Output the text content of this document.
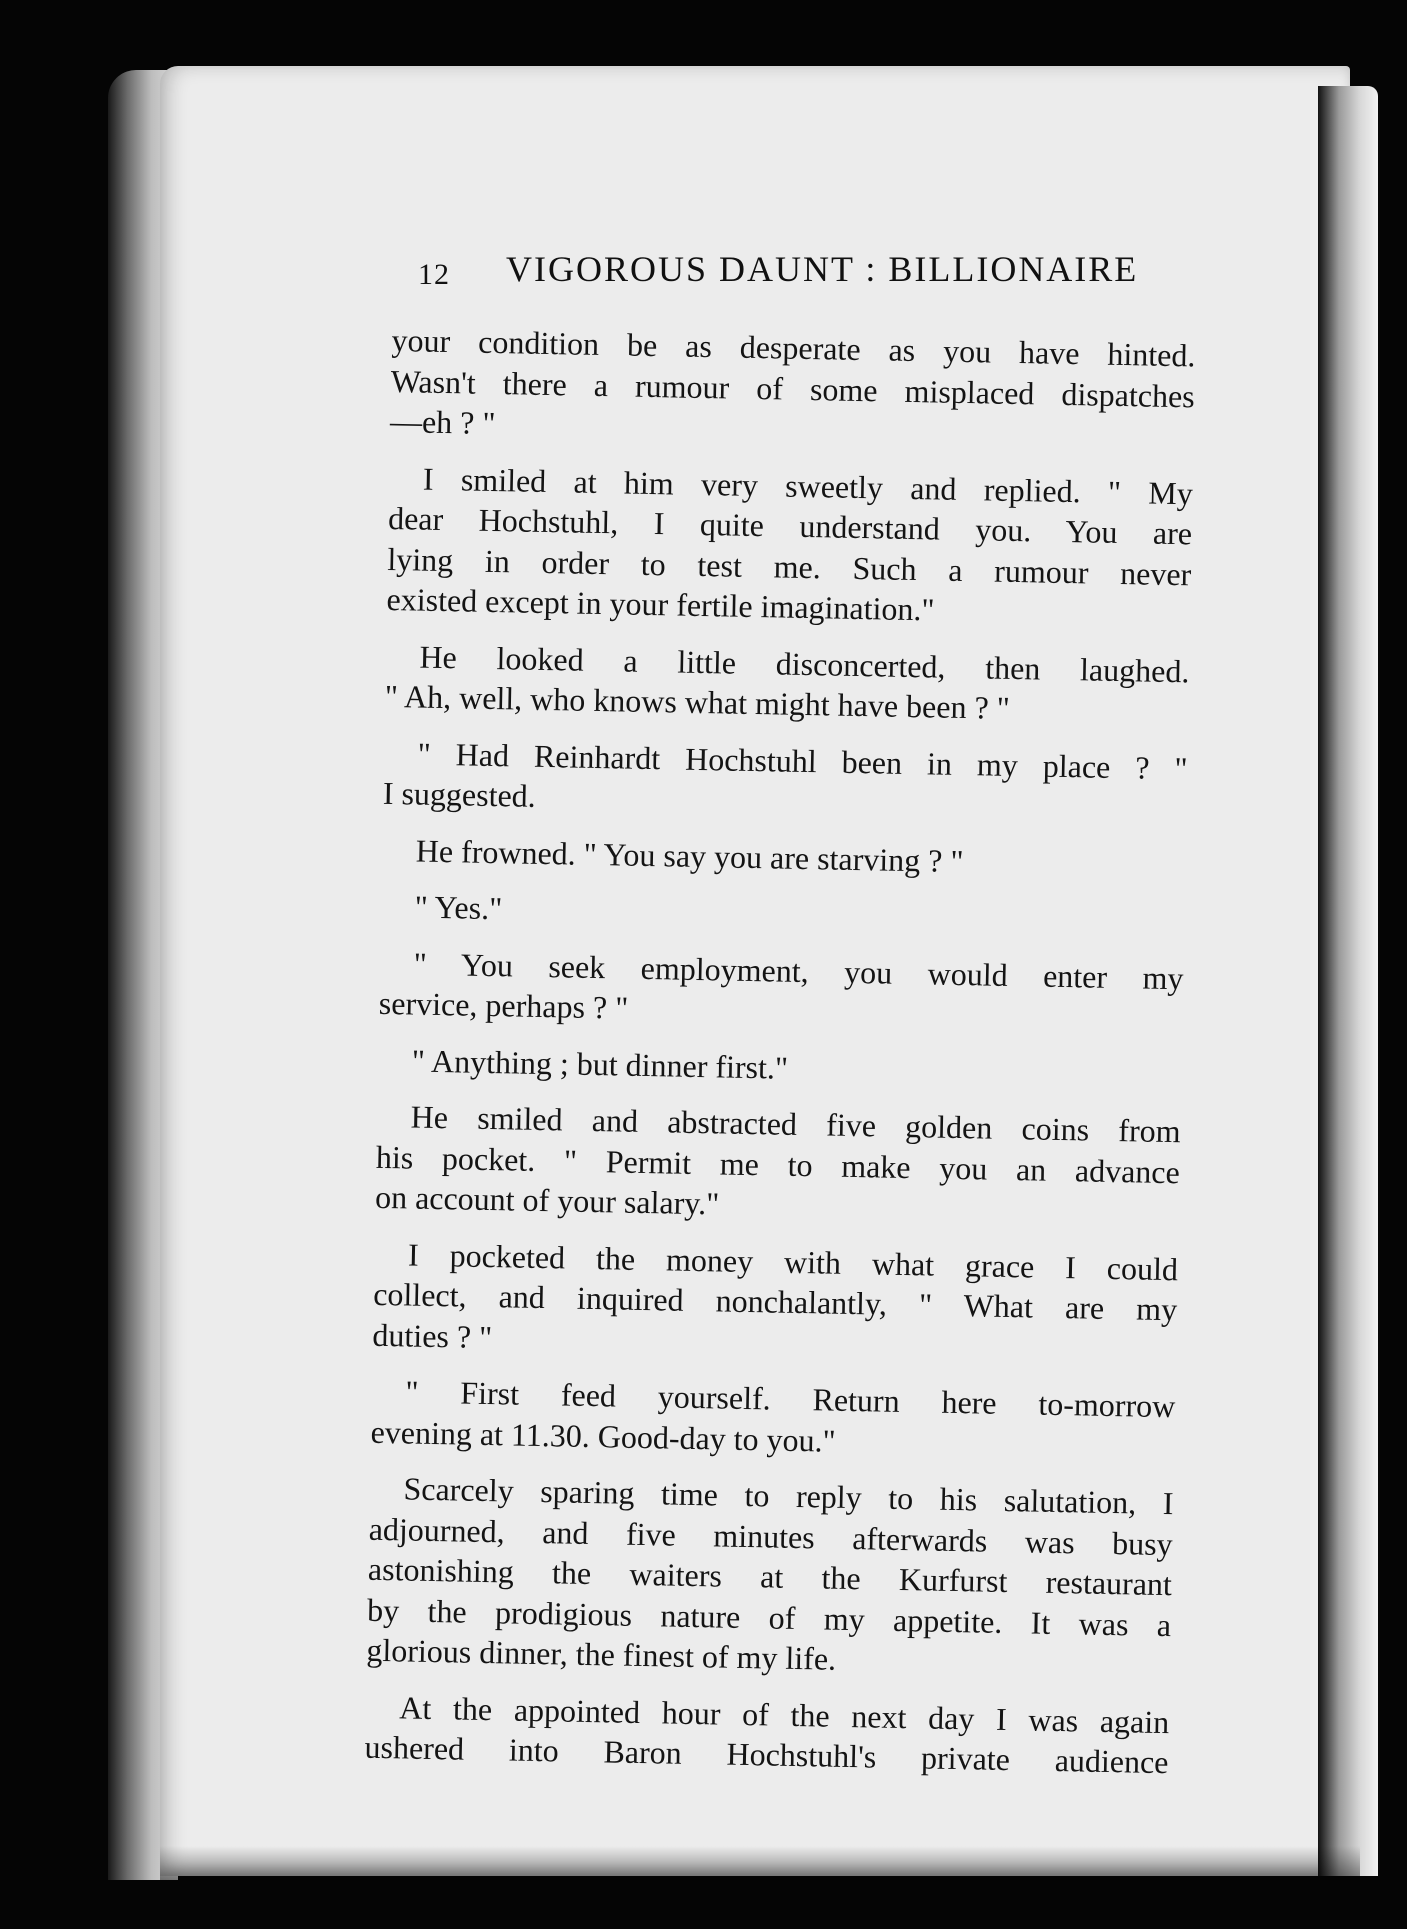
12 VIGOROUS DAUNT : BILLIONAIRE
your condition be as desperate as you have hinted.
Wasn't there a rumour of some misplaced dispatches
—eh ? "
I smiled at him very sweetly and replied. " My
dear Hochstuhl, I quite understand you. You are
lying in order to test me. Such a rumour never
existed except in your fertile imagination."
He looked a little disconcerted, then laughed.
" Ah, well, who knows what might have been ? "
" Had Reinhardt Hochstuhl been in my place ? "
I suggested.
He frowned. " You say you are starving ? "
" Yes."
" You seek employment, you would enter my
service, perhaps ? "
" Anything ; but dinner first."
He smiled and abstracted five golden coins from
his pocket. " Permit me to make you an advance
on account of your salary."
I pocketed the money with what grace I could
collect, and inquired nonchalantly, " What are my
duties ? "
" First feed yourself. Return here to-morrow
evening at 11.30. Good-day to you."
Scarcely sparing time to reply to his salutation, I
adjourned, and five minutes afterwards was busy
astonishing the waiters at the Kurfurst restaurant
by the prodigious nature of my appetite. It was a
glorious dinner, the finest of my life.
At the appointed hour of the next day I was again
ushered into Baron Hochstuhl's private audience
